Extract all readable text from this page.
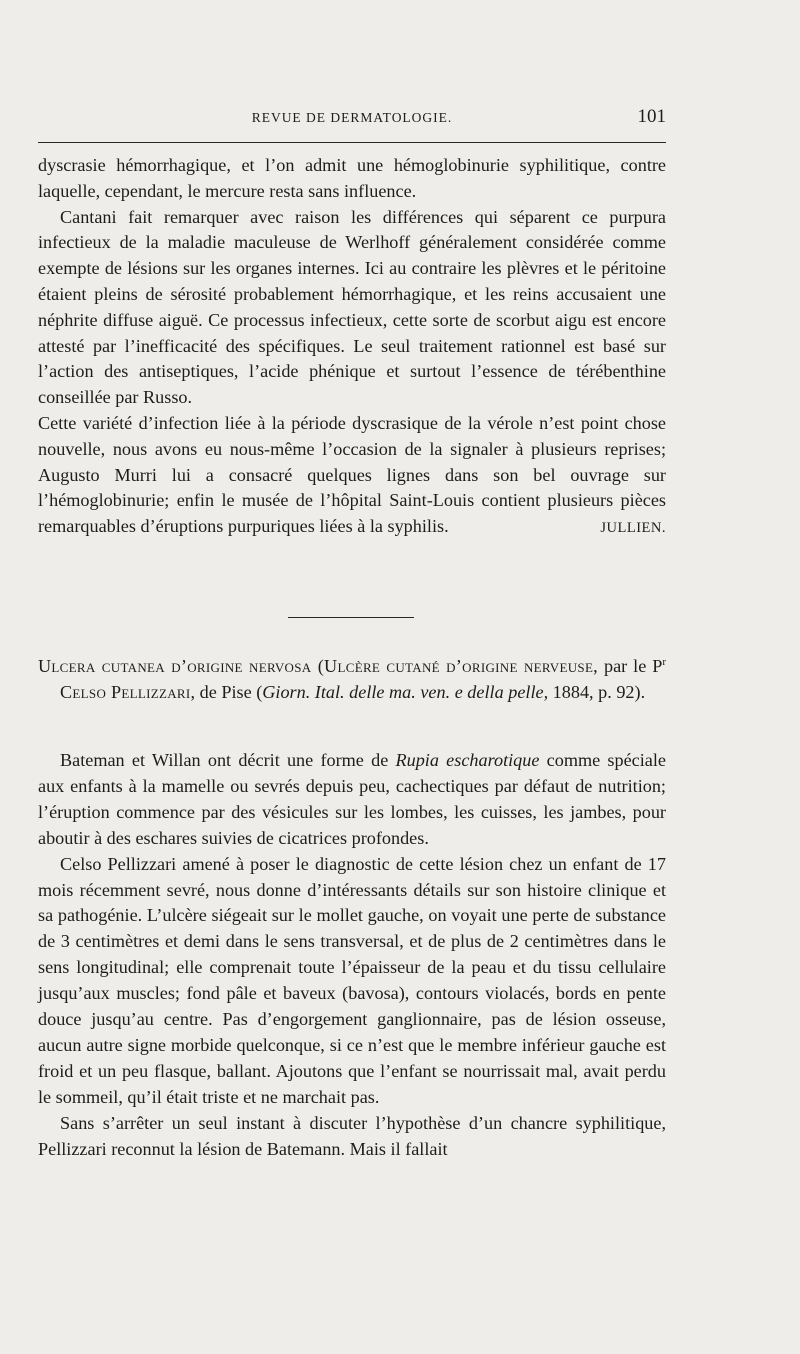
REVUE DE DERMATOLOGIE.	101

dyscrasie hémorrhagique, et l’on admit une hémoglobinurie syphilitique, contre laquelle, cependant, le mercure resta sans influence.

Cantani fait remarquer avec raison les différences qui séparent ce purpura infectieux de la maladie maculeuse de Werlhoff généralement considérée comme exempte de lésions sur les organes internes. Ici au contraire les plèvres et le péritoine étaient pleins de sérosité probablement hémorrhagique, et les reins accusaient une néphrite diffuse aiguë. Ce processus infectieux, cette sorte de scorbut aigu est encore attesté par l’inefficacité des spécifiques. Le seul traitement rationnel est basé sur l’action des antiseptiques, l’acide phénique et surtout l’essence de térébenthine conseillée par Russo.

Cette variété d’infection liée à la période dyscrasique de la vérole n’est point chose nouvelle, nous avons eu nous-même l’occasion de la signaler à plusieurs reprises; Augusto Murri lui a consacré quelques lignes dans son bel ouvrage sur l’hémoglobinurie; enfin le musée de l’hôpital Saint-Louis contient plusieurs pièces remarquables d’éruptions purpuriques liées à la syphilis.	JULLIEN.
Ulcera cutanea d’origine nervosa (Ulcère cutané d’origine nerveuse, par le $P^r$ Celso Pellizzari, de Pise (Giorn. Ital. delle ma. ven. e della pelle, 1884, p. 92).

Bateman et Willan ont décrit une forme de Rupia escharotique comme spéciale aux enfants à la mamelle ou sevrés depuis peu, cachectiques par défaut de nutrition; l’éruption commence par des vésicules sur les lombes, les cuisses, les jambes, pour aboutir à des eschares suivies de cicatrices profondes.

Celso Pellizzari amené à poser le diagnostic de cette lésion chez un enfant de 17 mois récemment sevré, nous donne d’intéressants détails sur son histoire clinique et sa pathogénie. L’ulcère siégeait sur le mollet gauche, on voyait une perte de substance de 3 centimètres et demi dans le sens transversal, et de plus de 2 centimètres dans le sens longitudinal; elle comprenait toute l’épaisseur de la peau et du tissu cellulaire jusqu’aux muscles; fond pâle et baveux (bavosa), contours violacés, bords en pente douce jusqu’au centre. Pas d’engorgement ganglionnaire, pas de lésion osseuse, aucun autre signe morbide quelconque, si ce n’est que le membre inférieur gauche est froid et un peu flasque, ballant. Ajoutons que l’enfant se nourrissait mal, avait perdu le sommeil, qu’il était triste et ne marchait pas.

Sans s’arrêter un seul instant à discuter l’hypothèse d’un chancre syphilitique, Pellizzari reconnut la lésion de Batemann. Mais il fallait
